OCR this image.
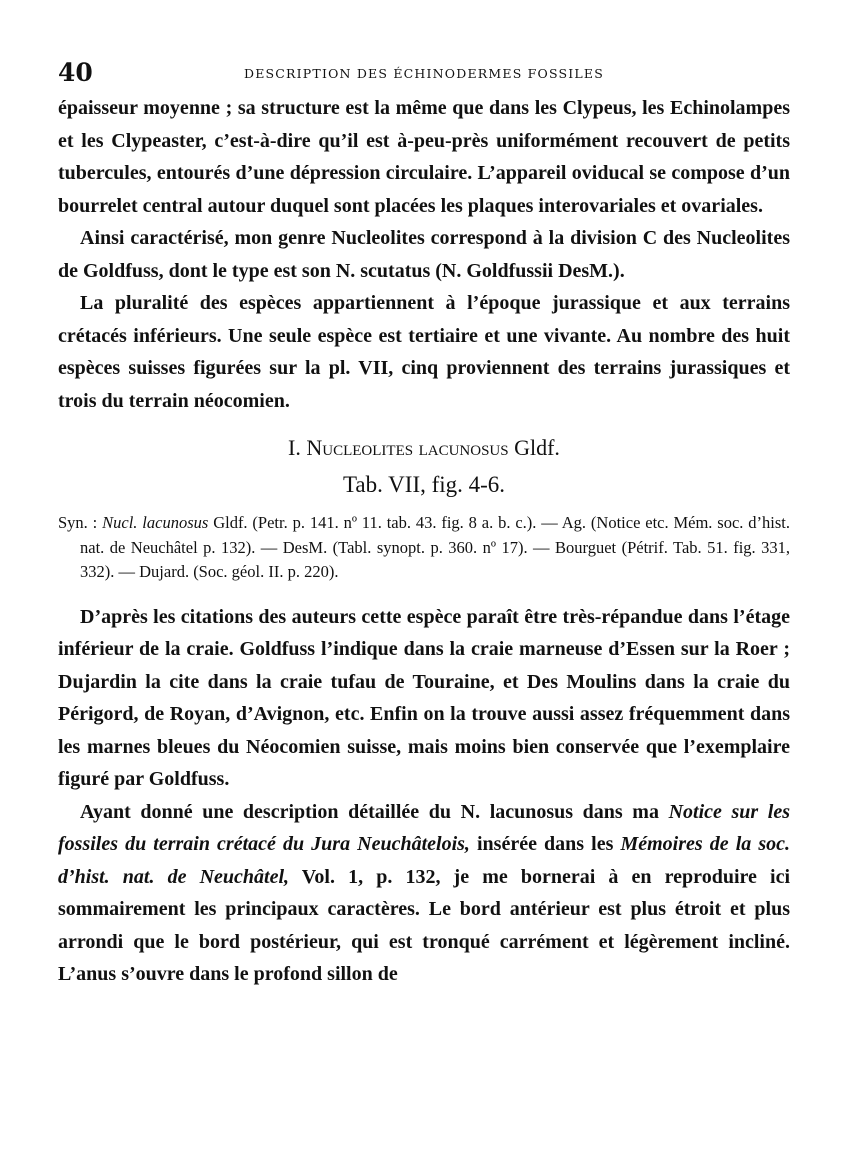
40	DESCRIPTION DES ÉCHINODERMES FOSSILES

épaisseur moyenne ; sa structure est la même que dans les Clypeus, les Echinolampes et les Clypeaster, c’est-à-dire qu’il est à-peu-près uniformément recouvert de petits tubercules, entourés d’une dépression circulaire. L’appareil oviducal se compose d’un bourrelet central autour duquel sont placées les plaques interovariales et ovariales.

Ainsi caractérisé, mon genre Nucleolites correspond à la division C des Nucleolites de Goldfuss, dont le type est son N. scutatus (N. Goldfussii DesM.).

La pluralité des espèces appartiennent à l’époque jurassique et aux terrains crétacés inférieurs. Une seule espèce est tertiaire et une vivante. Au nombre des huit espèces suisses figurées sur la pl. VII, cinq proviennent des terrains jurassiques et trois du terrain néocomien.

I. Nucleolites lacunosus Gldf.
Tab. VII, fig. 4-6.

Syn. : Nucl. lacunosus Gldf. (Petr. p. 141. nº 11. tab. 43. fig. 8 a. b. c.). — Ag. (Notice etc. Mém. soc. d’hist. nat. de Neuchâtel p. 132). — DesM. (Tabl. synopt. p. 360. nº 17). — Bourguet (Pétrif. Tab. 51. fig. 331, 332). — Dujard. (Soc. géol. II. p. 220).

D’après les citations des auteurs cette espèce paraît être très-répandue dans l’étage inférieur de la craie. Goldfuss l’indique dans la craie marneuse d’Essen sur la Roer ; Dujardin la cite dans la craie tufau de Touraine, et Des Moulins dans la craie du Périgord, de Royan, d’Avignon, etc. Enfin on la trouve aussi assez fréquemment dans les marnes bleues du Néocomien suisse, mais moins bien conservée que l’exemplaire figuré par Goldfuss.

Ayant donné une description détaillée du N. lacunosus dans ma Notice sur les fossiles du terrain crétacé du Jura Neuchâtelois, insérée dans les Mémoires de la soc. d’hist. nat. de Neuchâtel, Vol. 1, p. 132, je me bornerai à en reproduire ici sommairement les principaux caractères. Le bord antérieur est plus étroit et plus arrondi que le bord postérieur, qui est tronqué carrément et légèrement incliné. L’anus s’ouvre dans le profond sillon de
